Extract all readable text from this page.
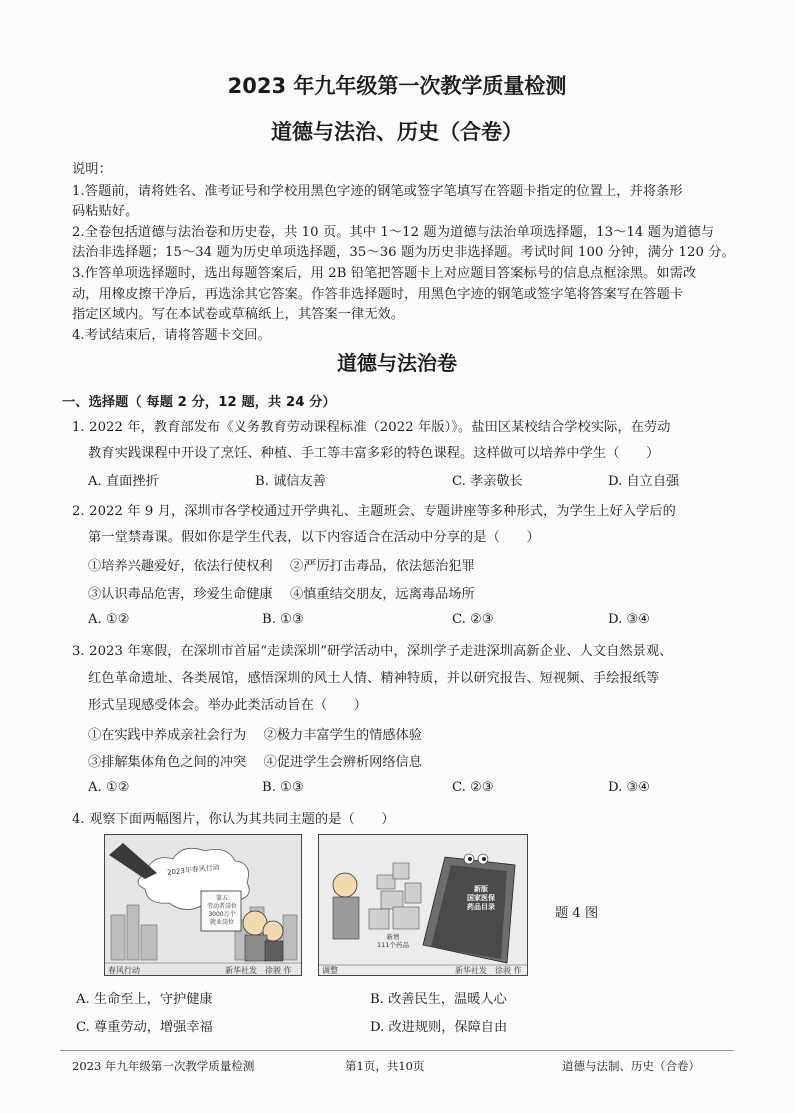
2023 年九年级第一次教学质量检测
道德与法治、历史（合卷）
说明：
1.答题前，请将姓名、准考证号和学校用黑色字迹的钢笔或签字笔填写在答题卡指定的位置上，并将条形
码粘贴好。
2.全卷包括道德与法治卷和历史卷，共 10 页。其中 1～12 题为道德与法治单项选择题，13～14 题为道德与
法治非选择题；15～34 题为历史单项选择题，35～36 题为历史非选择题。考试时间 100 分钟，满分 120 分。
3.作答单项选择题时，选出每题答案后，用 2B 铅笔把答题卡上对应题目答案标号的信息点框涂黑。如需改
动，用橡皮擦干净后，再选涂其它答案。作答非选择题时，用黑色字迹的钢笔或签字笔将答案写在答题卡
指定区域内。写在本试卷或草稿纸上，其答案一律无效。
4.考试结束后，请将答题卡交回。
道德与法治卷
一、选择题（ 每题 2 分，12 题，共 24 分）
1. 2022 年，教育部发布《义务教育劳动课程标准（2022 年版）》。盐田区某校结合学校实际，在劳动
教育实践课程中开设了烹饪、种植、手工等丰富多彩的特色课程。这样做可以培养中学生（　　）
A. 直面挫折	B. 诚信友善	C. 孝亲敬长	D. 自立自强
2. 2022 年 9 月，深圳市各学校通过开学典礼、主题班会、专题讲座等多种形式，为学生上好入学后的
第一堂禁毒课。假如你是学生代表，以下内容适合在活动中分享的是（　　）
①培养兴趣爱好，依法行使权利　 ②严厉打击毒品，依法惩治犯罪
③认识毒品危害，珍爱生命健康　 ④慎重结交朋友，远离毒品场所
A. ①②	B. ①③	C. ②③	D. ③④
3. 2023 年寒假，在深圳市首届“走读深圳”研学活动中，深圳学子走进深圳高新企业、人文自然景观、
红色革命遗址、各类展馆，感悟深圳的风土人情、精神特质，并以研究报告、短视频、手绘报纸等
形式呈现感受体会。举办此类活动旨在（　　）
①在实践中养成亲社会行为　 ②极力丰富学生的情感体验
③排解集体角色之间的冲突　 ④促进学生会辨析网络信息
A. ①②	B. ①③	C. ②③	D. ③④
4. 观察下面两幅图片，你认为其共同主题的是（　　）
2023年春风行动
第五
劳动者岗位
3000万个
就业岗位
春风行动	新华社发　徐骏 作
新版
国家医保
药品目录
新增
111个药品
调整	新华社发　徐骏 作
题 4 图
A. 生命至上，守护健康	B. 改善民生，温暖人心
C. 尊重劳动，增强幸福	D. 改进规则，保障自由
2023 年九年级第一次教学质量检测	第1页，共10页	道德与法制、历史（合卷）
